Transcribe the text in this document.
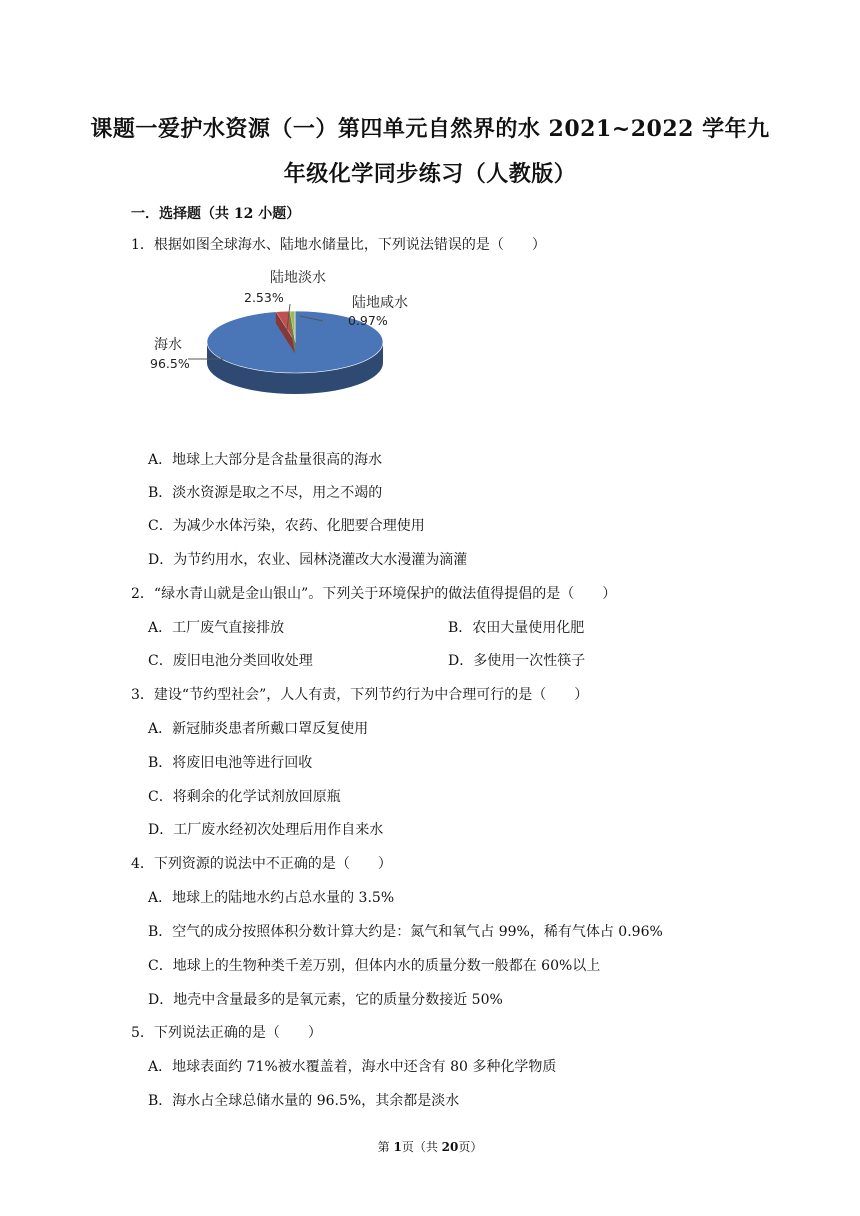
课题一爱护水资源（一）第四单元自然界的水 2021~2022 学年九
年级化学同步练习（人教版）
一．选择题（共 12 小题）
1．根据如图全球海水、陆地水储量比，下列说法错误的是（　　）
海水
96.5%
陆地淡水
2.53%	陆地咸水
0.97%
A．地球上大部分是含盐量很高的海水
B．淡水资源是取之不尽，用之不竭的
C．为减少水体污染，农药、化肥要合理使用
D．为节约用水，农业、园林浇灌改大水漫灌为滴灌
2．“绿水青山就是金山银山”。下列关于环境保护的做法值得提倡的是（　　）
A．工厂废气直接排放	B．农田大量使用化肥
C．废旧电池分类回收处理	D．多使用一次性筷子
3．建设“节约型社会”，人人有责，下列节约行为中合理可行的是（　　）
A．新冠肺炎患者所戴口罩反复使用
B．将废旧电池等进行回收
C．将剩余的化学试剂放回原瓶
D．工厂废水经初次处理后用作自来水
4．下列资源的说法中不正确的是（　　）
A．地球上的陆地水约占总水量的 3.5%
B．空气的成分按照体积分数计算大约是：氮气和氧气占 99%，稀有气体占 0.96%
C．地球上的生物种类千差万别，但体内水的质量分数一般都在 60%以上
D．地壳中含量最多的是氧元素，它的质量分数接近 50%
5．下列说法正确的是（　　）
A．地球表面约 71%被水覆盖着，海水中还含有 80 多种化学物质
B．海水占全球总储水量的 96.5%，其余都是淡水
第 1页（共 20页）
